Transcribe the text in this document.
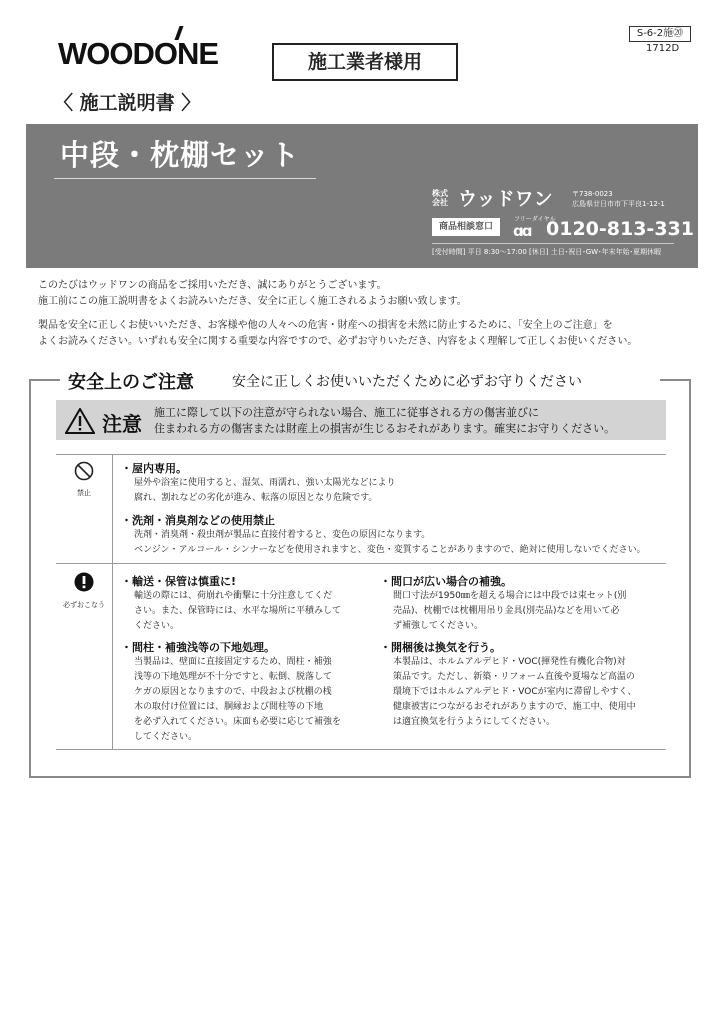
S-6-2施⑳
1712D
WOODONE	施工業者様用
〈 施工説明書 〉
中段・枕棚セット
株式 会社 ウッドワン	〒738-0023
広島県廿日市市下平良1-12-1
商品相談窓口
フリーダイヤル
ɑɑ 0120-813-331
[受付時間] 平日 8:30～17:00 [休日] 土日･祝日･GW･年末年始･夏期休暇
このたびはウッドワンの商品をご採用いただき、誠にありがとうございます。
施工前にこの施工説明書をよくお読みいただき、安全に正しく施工されるようお願い致します。
製品を安全に正しくお使いいただき、お客様や他の人々への危害・財産への損害を未然に防止するために、「安全上のご注意」を
よくお読みください。いずれも安全に関する重要な内容ですので、必ずお守りいただき、内容をよく理解して正しくお使いください。
安全上のご注意	安全に正しくお使いいただくために必ずお守りください
注意 施工に際して以下の注意が守られない場合、施工に従事される方の傷害並びに
住まわれる方の傷害または財産上の損害が生じるおそれがあります。確実にお守りください。
禁止
必ずおこなう
・屋内専用。
屋外や浴室に使用すると、湿気、雨濡れ、強い太陽光などにより
腐れ、割れなどの劣化が進み、転落の原因となり危険です。
・洗剤・消臭剤などの使用禁止
洗剤・消臭剤・殺虫剤が製品に直接付着すると、変色の原因になります。
ベンジン・アルコール・シンナーなどを使用されますと、変色・変質することがありますので、絶対に使用しないでください。
・輸送・保管は慎重に!
輸送の際には、荷崩れや衝撃に十分注意してくだ
さい。また、保管時には、水平な場所に平積みして
ください。
・間柱・補強浅等の下地処理。
当製品は、壁面に直接固定するため、間柱・補強
浅等の下地処理が不十分ですと、転倒、脱落して
ケガの原因となりますので、中段および枕棚の桟
木の取付け位置には、胴縁および間柱等の下地
を必ず入れてください。床面も必要に応じて補強を
してください。
・間口が広い場合の補強。
間口寸法が1950㎜を超える場合には中段では束セット(別
売品)、枕棚では枕棚用吊り金具(別売品)などを用いて必
ず補強してください。
・開梱後は換気を行う。
本製品は、ホルムアルデヒド・VOC(揮発性有機化合物)対
策品です。ただし、新築・リフォーム直後や夏場など高温の
環境下ではホルムアルデヒド・VOCが室内に滞留しやすく、
健康被害につながるおそれがありますので、施工中、使用中
は適宜換気を行うようにしてください。
